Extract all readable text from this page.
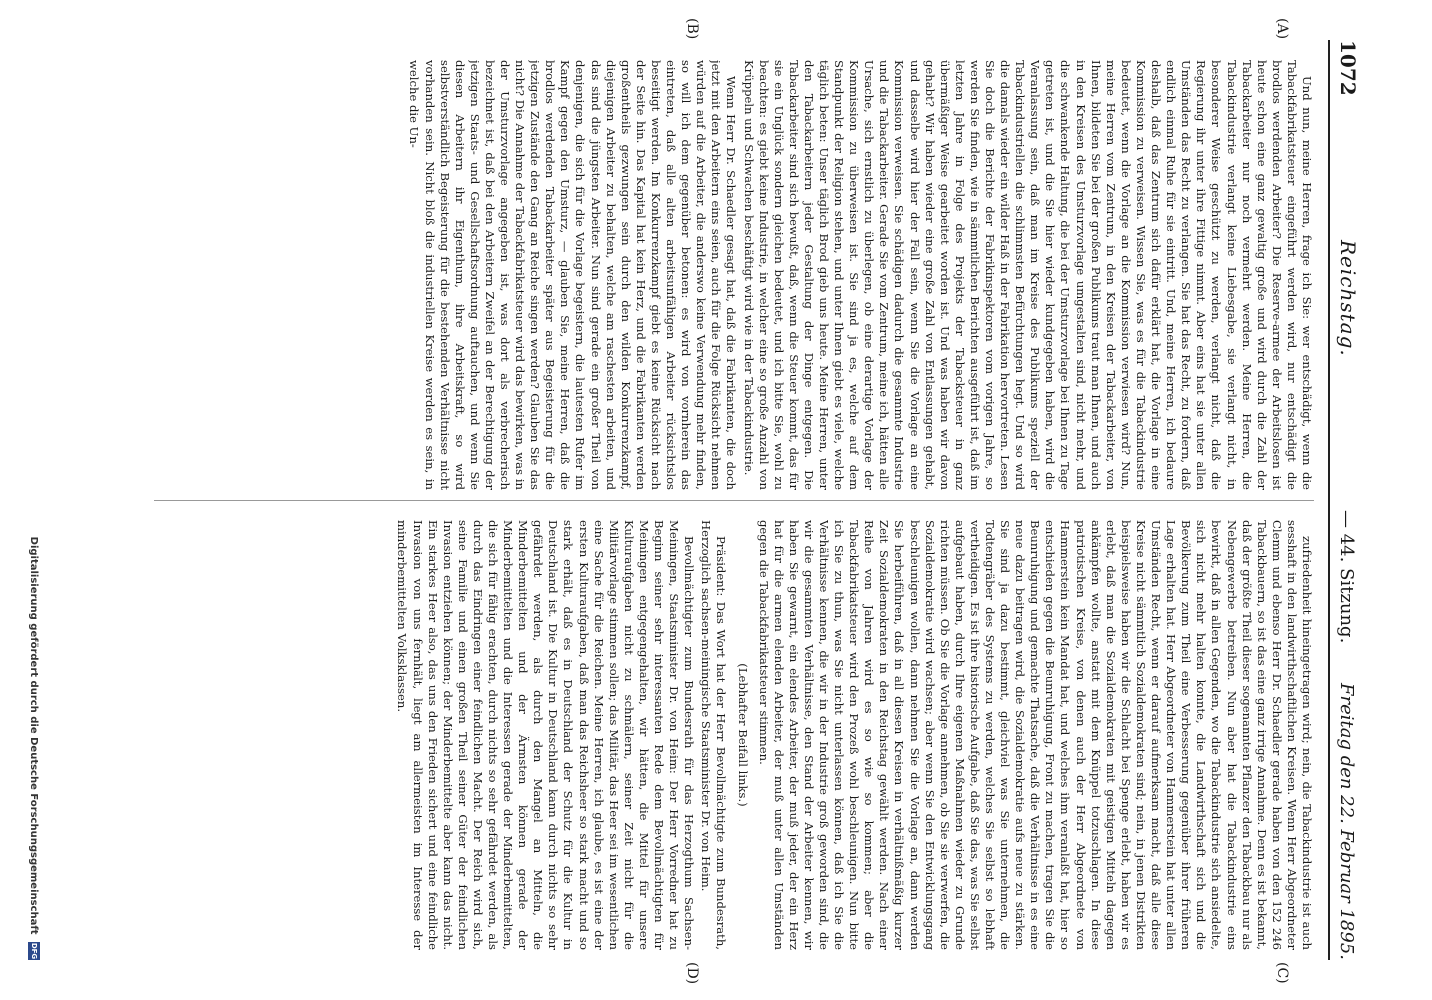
1072
Reichstag.
— 44. Sitzung.
Freitag den 22. Februar 1895.
(A)
(B)
(C)
(D)

Und nun, meine Herren, frage ich Sie: wer entschädigt, wenn die Tabackfabrikatsteuer eingeführt werden wird, nur entschädigt die brodlos werdenden Arbeiter? Die Reserve-armee der Arbeitslosen ist heute schon eine ganz gewaltig große und wird durch die Zahl der Tabackarbeiter nur noch vermehrt werden. Meine Herren, die Tabackindustrie verlangt keine Liebesgabe, sie verlangt nicht, in besonderer Weise geschützt zu werden, verlangt nicht, daß die Regierung ihr unter ihre Fittige nimmt. Aber eins hat sie unter allen Umständen das Recht zu verlangen. Sie hat das Recht, zu fordern, daß endlich einmal Ruhe für sie eintritt. Und, meine Herren, ich bedaure deshalb, daß das Zentrum sich dafür erklärt hat, die Vorlage in eine Kommission zu verweisen. Wissen Sie, was es für die Tabackindustrie bedeutet, wenn die Vorlage an die Kommission verwiesen wird? Nun, meine Herren vom Zentrum, in den Kreisen der Tabackarbeiter, von Ihnen, bildeten Sie bei der großen Publikums traut man Ihnen, und auch in den Kreisen des Umsturzvorlage umgestalten sind, nicht mehr, und die schwankende Haltung, die bei der Umsturzvorlage bei Ihnen zu Tage getreten ist, und die Sie hier wieder kundgegeben haben, wird die Veranlassung sein, daß man im Kreise des Publikums speziell der Tabackindustriellen die schlimmsten Befürchtungen hegt. Und so wird die damals wieder ein wilder Haß in der Fabrikation hervortreten. Lesen Sie doch die Berichte der Fabrikinspektoren vom vorigen Jahre, so werden Sie finden, wie in sämmtlichen Berichten ausgeführt ist, daß im letzten Jahre in Folge des Projekts der Tabacksteuer in ganz übermäßiger Weise gearbeitet worden ist. Und was haben wir davon gehabt? Wir haben wieder eine große Zahl von Entlassungen gehabt, und dasselbe wird hier der Fall sein, wenn Sie die Vorlage an eine Kommission verweisen. Sie schädigen dadurch die gesammte Industrie und die Tabackarbeiter. Gerade Sie vom Zentrum, meine ich, hätten alle Ursache, sich ernstlich zu überlegen, ob eine derartige Vorlage der Kommission zu überweisen ist. Sie sind ja es, welche auf dem Standpunkt der Religion stehen, und unter Ihnen giebt es viele, welche täglich beten: Unser täglich Brod gieb uns heute. Meine Herren, unter den Tabackarbeitern jeder Gestaltung der Dinge entgegen. Die Tabackarbeiter sind sich bewußt, daß, wenn die Steuer kommt, das für sie ein Unglück sondern gleichen bedeutet, und ich bitte Sie, wohl zu beachten: es giebt keine Industrie, in welcher eine so große Anzahl von Krüppeln und Schwachen beschäftigt wird wie in der Tabackindustrie.

Wenn Herr Dr. Schaedler gesagt hat, daß die Fabrikanten, die doch jetzt mit den Arbeitern eins seien, auch für die Folge Rücksicht nehmen würden auf die Arbeiter, die anderswo keine Verwendung mehr finden, so will ich dem gegenüber betonen: es wird von vornherein das eintreten, daß alle alten arbeitsunfähigen Arbeiter rücksichtslos beseitigt werden. Im Konkurrenzkampf giebt es keine Rücksicht nach der Seite hin. Das Kapital hat kein Herz, und die Fabrikanten werden großentheils gezwungen sein durch den wilden Konkurrenzkampf, diejenigen Arbeiter zu behalten, welche am raschesten arbeiten, und das sind die jüngsten Arbeiter. Nun sind gerade ein großer Theil von denjenigen, die sich für die Vorlage begeistern, die lautesten Rufer im Kampf gegen den Umsturz, — glauben Sie, meine Herren, daß die brodlos werdenden Tabackarbeiter später aus Begeisterung für die jetzigen Zustände den Gang an Reiche singen werden? Glauben Sie das nicht? Die Annahme der Tabackfabrikatsteuer wird das bewirken, was in der Umsturzvorlage angegeben ist, was dort als verbrecherisch bezeichnet ist, daß bei den Arbeitern Zweifel an der Berechtigung der jetzigen Staats- und Gesellschaftsordnung auftauchen, und wenn Sie diesen Arbeitern ihr Eigenthum, ihre Arbeitskraft, so wird selbstverständlich Begeisterung für die bestehenden Verhältnisse nicht vorhanden sein. Nicht bloß die industriellen Kreise werden es sein, in welche die Un-

zufriedenheit hineingetragen wird; nein, die Tabackindustrie ist auch sesshaft in den landwirthschaftlichen Kreisen. Wenn Herr Abgeordneter Clemm und ebenso Herr Dr. Schaedler gerade haben von den 152 246 Tabackbauern, so ist das eine ganz irrige Annahme. Denn es ist bekannt, daß der größte Theil dieser sogenannten Pflanzer den Tabackbau nur als Nebengewerbe betreiben. Nun aber hat die Tabackindustrie eins bewirkt, daß in allen Gegenden, wo die Tabackindustrie sich ansiedelte, sich nicht mehr halten konnte, die Landwirthschaft sich und die Bevölkerung zum Theil eine Verbesserung gegenüber ihrer früheren Lage erhalten hat. Herr Abgeordneter von Hammerstein hat unter allen Umständen Recht, wenn er darauf aufmerksam macht, daß alle diese Kreise nicht sämmtlich Sozialdemokraten sind; nein, in jenen Distrikten beispielsweise haben wir die Schlacht bei Spenge erlebt, haben wir es erlebt, daß man die Sozialdemokraten mit geistigen Mitteln dagegen ankämpfen wollte, anstatt mit dem Knüppel totzuschlagen. In diese patriotischen Kreise, von denen auch der Herr Abgeordnete von Hammerstein kein Mandat hat, und welches ihm veranlaßt hat, hier so entschieden gegen die Beunruhigung, Front zu machen, tragen Sie die Beunruhigung und gemachte Thatsache, daß die Verhältnisse in es eine neue dazu beitragen wird, die Sozialdemokratie aufs neue zu stärken. Sie sind ja dazu bestimmt, gleichviel was Sie unternehmen, die Todtengräber des Systems zu werden, welches Sie selbst so lebhaft vertheidigen. Es ist ihre historische Aufgabe, daß Sie das, was Sie selbst aufgebaut haben, durch Ihre eigenen Maßnahmen wieder zu Grunde richten müssen. Ob Sie die Vorlage annehmen, ob Sie sie verwerfen, die Sozialdemokratie wird wachsen; aber wenn Sie den Entwicklungsgang beschleunigen wollen, dann nehmen Sie die Vorlage an, dann werden Sie herbeiführen, daß in all diesen Kreisen in verhältnißmäßig kurzer Zeit Sozialdemokraten in den Reichstag gewählt werden. Nach einer Reihe von Jahren wird es so wie so kommen; aber die Tabackfabrikatsteuer wird den Prozeß wohl beschleunigen. Nun bitte ich Sie zu thun, was Sie nicht unterlassen können, daß ich Sie die Verhältnisse kennen, die wir in der Industrie groß geworden sind, die wir die gesammten Verhältnisse, den Stand der Arbeiter kennen, wir haben Sie gewarnt, ein elendes Arbeiter, der muß jeder, der ein Herz hat für die armen elenden Arbeiter, der muß unter allen Umständen gegen die Tabackfabrikatsteuer stimmen.

(Lebhafter Beifall links.)

Präsident: Das Wort hat der Herr Bevollmächtigte zum Bundesrath, Herzoglich sachsen-meiningische Staatsminister Dr. von Heim.

Bevollmächtigter zum Bundesrath für das Herzogthum Sachsen-Meiningen, Staatsminister Dr. von Heim: Der Herr Vorredner hat zu Beginn seiner sehr interessanten Rede dem Bevollmächtigten für Meiningen entgegengehalten, wir hätten, die Mittel für unsere Kulturaufgaben nicht zu schmälern, seiner Zeit nicht für die Militärvorlage stimmen sollen; das Militär, das Heer sei im wesentlichen eine Sache für die Reichen. Meine Herren, ich glaube, es ist eine der ersten Kulturaufgaben, daß man das Reichsheer so stark macht und so stark erhält, daß es in Deutschland der Schutz für die Kultur in Deutschland ist. Die Kultur in Deutschland kann durch nichts so sehr gefährdet werden, als durch den Mangel an Mitteln, die Minderbemittelten und der Ärmsten können gerade der Minderbemittelten und die Interessen gerade der Minderbemittelten, die sich für fähig erachten, durch nichts so sehr gefährdet werden, als durch das Eindringen einer feindlichen Macht. Der Reich wird sich, seine Familie und einen großen Theil seiner Güter der feindlichen Invasion entziehen können; der Minderbemittelte aber kann das nicht. Ein starkes Heer also, das uns den Frieden sichert und eine feindliche Invasion von uns fernhält, liegt am allermeisten im Interesse der minderbemittelten Volksklassen.

Digitalisierung gefördert durch die Deutsche Forschungsgemeinschaft DFG
